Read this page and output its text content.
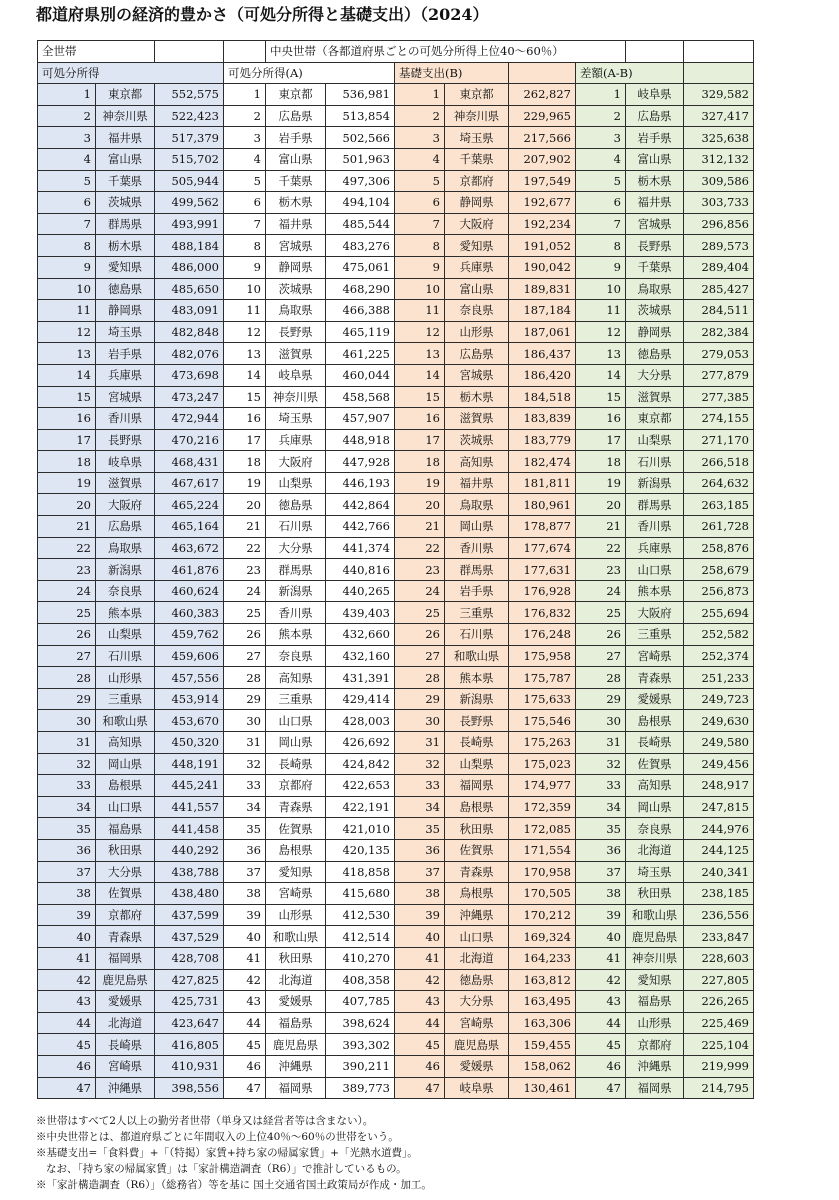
都道府県別の経済的豊かさ（可処分所得と基礎支出）（2024）
全世帯				中央世帯（各都道府県ごとの可処分所得上位40〜60％）							
可処分所得			可処分所得(A)			基礎支出(B)			差額(A-B)		
1	東京都	552,575	1	東京都	536,981	1	東京都	262,827	1	岐阜県	329,582
2	神奈川県	522,423	2	広島県	513,854	2	神奈川県	229,965	2	広島県	327,417
3	福井県	517,379	3	岩手県	502,566	3	埼玉県	217,566	3	岩手県	325,638
4	富山県	515,702	4	富山県	501,963	4	千葉県	207,902	4	富山県	312,132
5	千葉県	505,944	5	千葉県	497,306	5	京都府	197,549	5	栃木県	309,586
6	茨城県	499,562	6	栃木県	494,104	6	静岡県	192,677	6	福井県	303,733
7	群馬県	493,991	7	福井県	485,544	7	大阪府	192,234	7	宮城県	296,856
8	栃木県	488,184	8	宮城県	483,276	8	愛知県	191,052	8	長野県	289,573
9	愛知県	486,000	9	静岡県	475,061	9	兵庫県	190,042	9	千葉県	289,404
10	徳島県	485,650	10	茨城県	468,290	10	富山県	189,831	10	鳥取県	285,427
11	静岡県	483,091	11	鳥取県	466,388	11	奈良県	187,184	11	茨城県	284,511
12	埼玉県	482,848	12	長野県	465,119	12	山形県	187,061	12	静岡県	282,384
13	岩手県	482,076	13	滋賀県	461,225	13	広島県	186,437	13	徳島県	279,053
14	兵庫県	473,698	14	岐阜県	460,044	14	宮城県	186,420	14	大分県	277,879
15	宮城県	473,247	15	神奈川県	458,568	15	栃木県	184,518	15	滋賀県	277,385
16	香川県	472,944	16	埼玉県	457,907	16	滋賀県	183,839	16	東京都	274,155
17	長野県	470,216	17	兵庫県	448,918	17	茨城県	183,779	17	山梨県	271,170
18	岐阜県	468,431	18	大阪府	447,928	18	高知県	182,474	18	石川県	266,518
19	滋賀県	467,617	19	山梨県	446,193	19	福井県	181,811	19	新潟県	264,632
20	大阪府	465,224	20	徳島県	442,864	20	鳥取県	180,961	20	群馬県	263,185
21	広島県	465,164	21	石川県	442,766	21	岡山県	178,877	21	香川県	261,728
22	鳥取県	463,672	22	大分県	441,374	22	香川県	177,674	22	兵庫県	258,876
23	新潟県	461,876	23	群馬県	440,816	23	群馬県	177,631	23	山口県	258,679
24	奈良県	460,624	24	新潟県	440,265	24	岩手県	176,928	24	熊本県	256,873
25	熊本県	460,383	25	香川県	439,403	25	三重県	176,832	25	大阪府	255,694
26	山梨県	459,762	26	熊本県	432,660	26	石川県	176,248	26	三重県	252,582
27	石川県	459,606	27	奈良県	432,160	27	和歌山県	175,958	27	宮崎県	252,374
28	山形県	457,556	28	高知県	431,391	28	熊本県	175,787	28	青森県	251,233
29	三重県	453,914	29	三重県	429,414	29	新潟県	175,633	29	愛媛県	249,723
30	和歌山県	453,670	30	山口県	428,003	30	長野県	175,546	30	島根県	249,630
31	高知県	450,320	31	岡山県	426,692	31	長崎県	175,263	31	長崎県	249,580
32	岡山県	448,191	32	長崎県	424,842	32	山梨県	175,023	32	佐賀県	249,456
33	島根県	445,241	33	京都府	422,653	33	福岡県	174,977	33	高知県	248,917
34	山口県	441,557	34	青森県	422,191	34	島根県	172,359	34	岡山県	247,815
35	福島県	441,458	35	佐賀県	421,010	35	秋田県	172,085	35	奈良県	244,976
36	秋田県	440,292	36	島根県	420,135	36	佐賀県	171,554	36	北海道	244,125
37	大分県	438,788	37	愛知県	418,858	37	青森県	170,958	37	埼玉県	240,341
38	佐賀県	438,480	38	宮崎県	415,680	38	鳥根県	170,505	38	秋田県	238,185
39	京都府	437,599	39	山形県	412,530	39	沖縄県	170,212	39	和歌山県	236,556
40	青森県	437,529	40	和歌山県	412,514	40	山口県	169,324	40	鹿児島県	233,847
41	福岡県	428,708	41	秋田県	410,270	41	北海道	164,233	41	神奈川県	228,603
42	鹿児島県	427,825	42	北海道	408,358	42	徳島県	163,812	42	愛知県	227,805
43	愛媛県	425,731	43	愛媛県	407,785	43	大分県	163,495	43	福島県	226,265
44	北海道	423,647	44	福島県	398,624	44	宮崎県	163,306	44	山形県	225,469
45	長崎県	416,805	45	鹿児島県	393,302	45	鹿児島県	159,455	45	京都府	225,104
46	宮崎県	410,931	46	沖縄県	390,211	46	愛媛県	158,062	46	沖縄県	219,999
47	沖縄県	398,556	47	福岡県	389,773	47	岐阜県	130,461	47	福岡県	214,795
※世帯はすべて2人以上の勤労者世帯（単身又は経営者等は含まない）。
※中央世帯とは、都道府県ごとに年間収入の上位40％〜60％の世帯をいう。
※基礎支出=「食料費」+「（特掲）家賃+持ち家の帰属家賃」+「光熱水道費」。
なお、「持ち家の帰属家賃」は「家計構造調査（R6）」で推計しているもの。
※「家計構造調査（R6）」（総務省）等を基に 国土交通省国土政策局が作成・加工。
